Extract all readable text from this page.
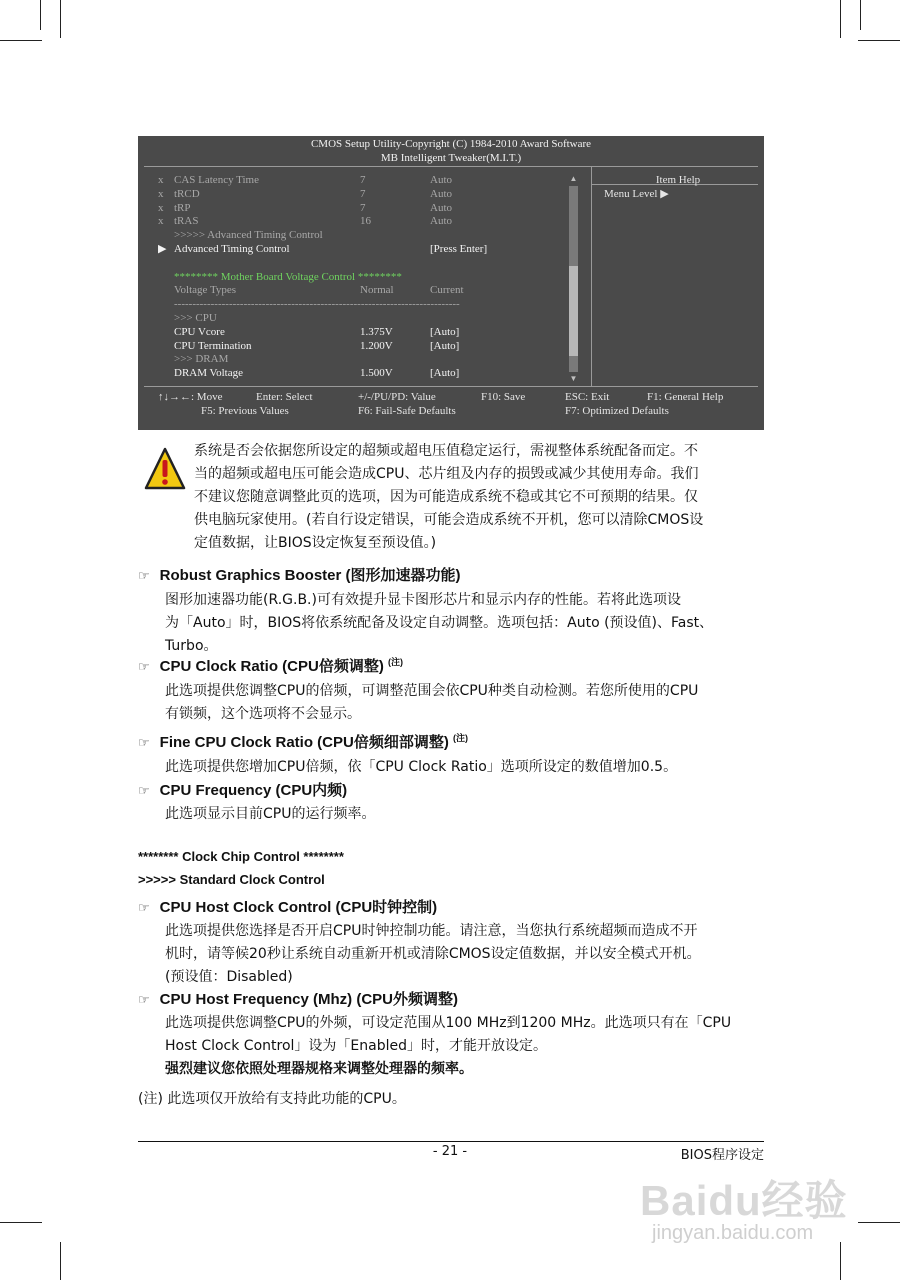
CMOS Setup Utility-Copyright (C) 1984-2010 Award Software
MB Intelligent Tweaker(M.I.T.)
x CAS Latency Time	7	Auto
x tRCD	7	Auto
x tRP	7	Auto
x tRAS	16	Auto
>>>>> Advanced Timing Control
▶ Advanced Timing Control	[Press Enter]
******** Mother Board Voltage Control ********
Voltage Types	Normal	Current
------------------------------------------------------------------------------
>>> CPU
CPU Vcore	1.375V	[Auto]
CPU Termination	1.200V	[Auto]
>>> DRAM
DRAM Voltage	1.500V	[Auto]
▲
▼
Item Help
Menu Level ▶
↑↓→←: Move	Enter: Select	+/-/PU/PD: Value	F10: Save	ESC: Exit	F1: General Help
F5: Previous Values	F6: Fail-Safe Defaults	F7: Optimized Defaults
系统是否会依据您所设定的超频或超电压值稳定运行，需视整体系统配备而定。不
当的超频或超电压可能会造成CPU、芯片组及内存的损毁或减少其使用寿命。我们
不建议您随意调整此页的选项，因为可能造成系统不稳或其它不可预期的结果。仅
供电脑玩家使用。(若自行设定错误，可能会造成系统不开机，您可以清除CMOS设
定值数据，让BIOS设定恢复至预设值。)
☞ Robust Graphics Booster (图形加速器功能)
图形加速器功能(R.G.B.)可有效提升显卡图形芯片和显示内存的性能。若将此选项设
为「Auto」时，BIOS将依系统配备及设定自动调整。选项包括：Auto (预设值)、Fast、
Turbo。
☞ CPU Clock Ratio (CPU倍频调整) $^{(注)}$
此选项提供您调整CPU的倍频，可调整范围会依CPU种类自动检测。若您所使用的CPU
有锁频，这个选项将不会显示。
☞ Fine CPU Clock Ratio (CPU倍频细部调整) $^{(注)}$
此选项提供您增加CPU倍频，依「CPU Clock Ratio」选项所设定的数值增加0.5。
☞ CPU Frequency (CPU内频)
此选项显示目前CPU的运行频率。
******** Clock Chip Control ********
>>>>> Standard Clock Control
☞ CPU Host Clock Control (CPU时钟控制)
此选项提供您选择是否开启CPU时钟控制功能。请注意，当您执行系统超频而造成不开
机时，请等候20秒让系统自动重新开机或清除CMOS设定值数据，并以安全模式开机。
(预设值：Disabled)
☞ CPU Host Frequency (Mhz) (CPU外频调整)
此选项提供您调整CPU的外频，可设定范围从100 MHz到1200 MHz。此选项只有在「CPU
Host Clock Control」设为「Enabled」时，才能开放设定。
强烈建议您依照处理器规格来调整处理器的频率。
(注) 此选项仅开放给有支持此功能的CPU。
- 21 -	BIOS程序设定
Baidu经验
jingyan.baidu.com
